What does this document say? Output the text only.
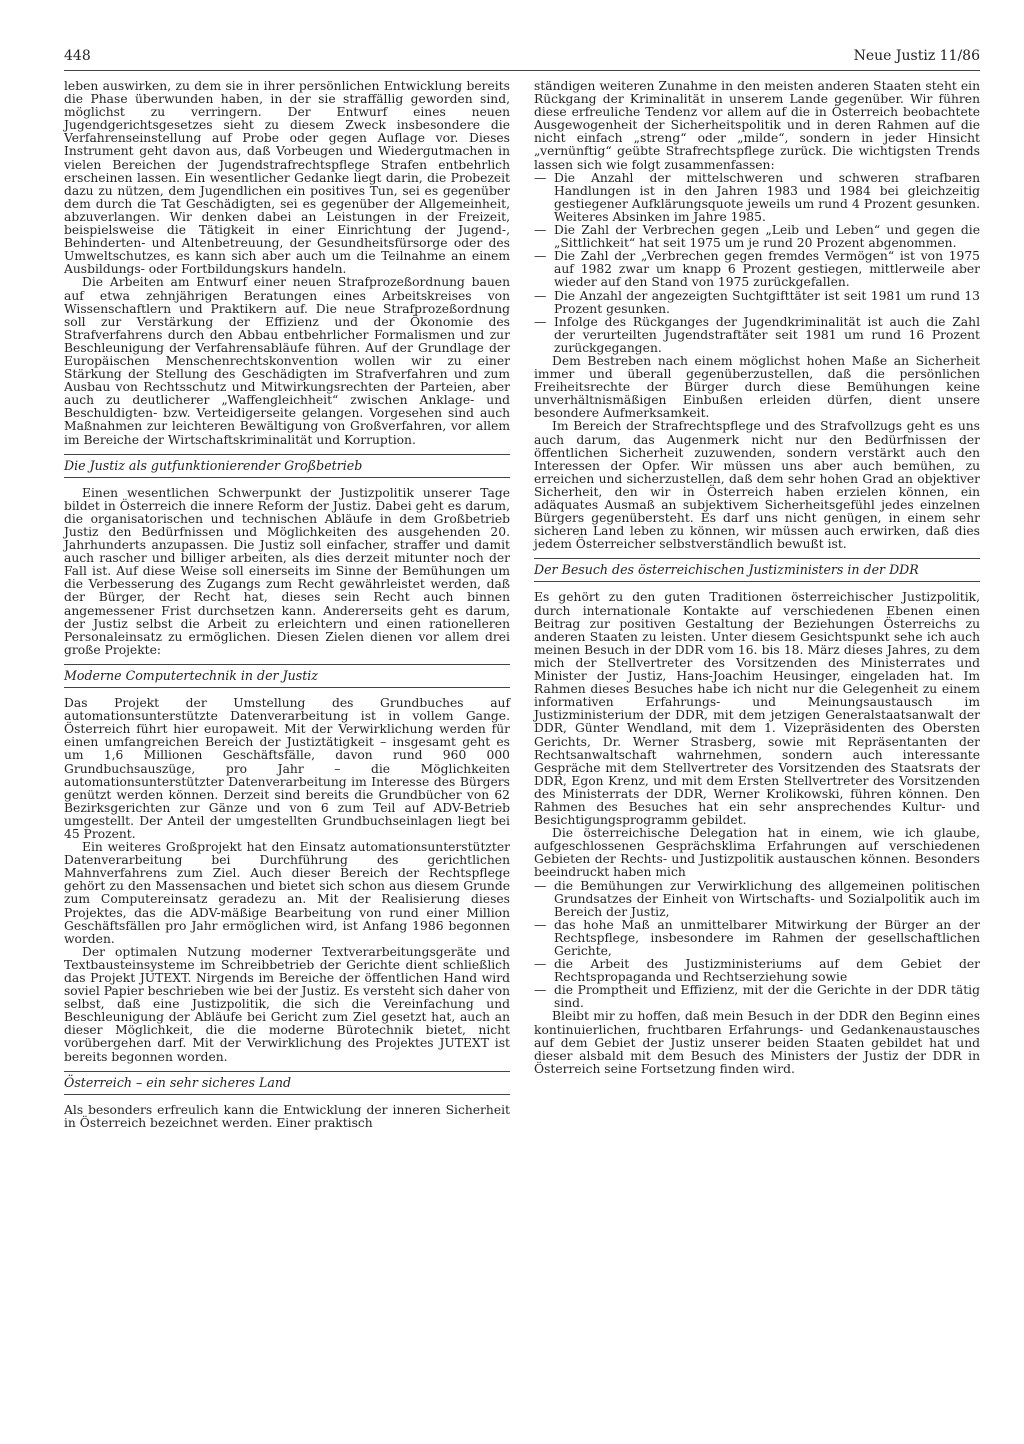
448	Neue Justiz 11/86

leben auswirken, zu dem sie in ihrer persönlichen Entwicklung bereits die Phase überwunden haben, in der sie straffällig geworden sind, möglichst zu verringern. Der Entwurf eines neuen Jugendgerichtsgesetzes sieht zu diesem Zweck insbesondere die Verfahrenseinstellung auf Probe oder gegen Auflage vor. Dieses Instrument geht davon aus, daß Vorbeugen und Wiedergutmachen in vielen Bereichen der Jugendstrafrechtspflege Strafen entbehrlich erscheinen lassen. Ein wesentlicher Gedanke liegt darin, die Probezeit dazu zu nützen, dem Jugendlichen ein positives Tun, sei es gegenüber dem durch die Tat Geschädigten, sei es gegenüber der Allgemeinheit, abzuverlangen. Wir denken dabei an Leistungen in der Freizeit, beispielsweise die Tätigkeit in einer Einrichtung der Jugend-, Behinderten- und Altenbetreuung, der Gesundheitsfürsorge oder des Umweltschutzes, es kann sich aber auch um die Teilnahme an einem Ausbildungs- oder Fortbildungskurs handeln.

Die Arbeiten am Entwurf einer neuen Strafprozeßordnung bauen auf etwa zehnjährigen Beratungen eines Arbeitskreises von Wissenschaftlern und Praktikern auf. Die neue Strafprozeßordnung soll zur Verstärkung der Effizienz und der Ökonomie des Strafverfahrens durch den Abbau entbehrlicher Formalismen und zur Beschleunigung der Verfahrensabläufe führen. Auf der Grundlage der Europäischen Menschenrechtskonvention wollen wir zu einer Stärkung der Stellung des Geschädigten im Strafverfahren und zum Ausbau von Rechtsschutz und Mitwirkungsrechten der Parteien, aber auch zu deutlicherer „Waffengleichheit“ zwischen Anklage- und Beschuldigten- bzw. Verteidigerseite gelangen. Vorgesehen sind auch Maßnahmen zur leichteren Bewältigung von Großverfahren, vor allem im Bereiche der Wirtschaftskriminalität und Korruption.

Die Justiz als gutfunktionierender Großbetrieb

Einen wesentlichen Schwerpunkt der Justizpolitik unserer Tage bildet in Österreich die innere Reform der Justiz. Dabei geht es darum, die organisatorischen und technischen Abläufe in dem Großbetrieb Justiz den Bedürfnissen und Möglichkeiten des ausgehenden 20. Jahrhunderts anzupassen. Die Justiz soll einfacher, straffer und damit auch rascher und billiger arbeiten, als dies derzeit mitunter noch der Fall ist. Auf diese Weise soll einerseits im Sinne der Bemühungen um die Verbesserung des Zugangs zum Recht gewährleistet werden, daß der Bürger, der Recht hat, dieses sein Recht auch binnen angemessener Frist durchsetzen kann. Andererseits geht es darum, der Justiz selbst die Arbeit zu erleichtern und einen rationelleren Personaleinsatz zu ermöglichen. Diesen Zielen dienen vor allem drei große Projekte:

Moderne Computertechnik in der Justiz

Das Projekt der Umstellung des Grundbuches auf automationsunterstützte Datenverarbeitung ist in vollem Gange. Österreich führt hier europaweit. Mit der Verwirklichung werden für einen umfangreichen Bereich der Justiztätigkeit – insgesamt geht es um 1,6 Millionen Geschäftsfälle, davon rund 960 000 Grundbuchsauszüge, pro Jahr – die Möglichkeiten automationsunterstützter Datenverarbeitung im Interesse des Bürgers genützt werden können. Derzeit sind bereits die Grundbücher von 62 Bezirksgerichten zur Gänze und von 6 zum Teil auf ADV-Betrieb umgestellt. Der Anteil der umgestellten Grundbuchseinlagen liegt bei 45 Prozent.

Ein weiteres Großprojekt hat den Einsatz automationsunterstützter Datenverarbeitung bei Durchführung des gerichtlichen Mahnverfahrens zum Ziel. Auch dieser Bereich der Rechtspflege gehört zu den Massensachen und bietet sich schon aus diesem Grunde zum Computereinsatz geradezu an. Mit der Realisierung dieses Projektes, das die ADV-mäßige Bearbeitung von rund einer Million Geschäftsfällen pro Jahr ermöglichen wird, ist Anfang 1986 begonnen worden.

Der optimalen Nutzung moderner Textverarbeitungsgeräte und Textbausteinsysteme im Schreibbetrieb der Gerichte dient schließlich das Projekt JUTEXT. Nirgends im Bereiche der öffentlichen Hand wird soviel Papier beschrieben wie bei der Justiz. Es versteht sich daher von selbst, daß eine Justizpolitik, die sich die Vereinfachung und Beschleunigung der Abläufe bei Gericht zum Ziel gesetzt hat, auch an dieser Möglichkeit, die die moderne Bürotechnik bietet, nicht vorübergehen darf. Mit der Verwirklichung des Projektes JUTEXT ist bereits begonnen worden.

Österreich – ein sehr sicheres Land

Als besonders erfreulich kann die Entwicklung der inneren Sicherheit in Österreich bezeichnet werden. Einer praktisch

ständigen weiteren Zunahme in den meisten anderen Staaten steht ein Rückgang der Kriminalität in unserem Lande gegenüber. Wir führen diese erfreuliche Tendenz vor allem auf die in Österreich beobachtete Ausgewogenheit der Sicherheitspolitik und in deren Rahmen auf die nicht einfach „streng“ oder „milde“, sondern in jeder Hinsicht „vernünftig“ geübte Strafrechtspflege zurück. Die wichtigsten Trends lassen sich wie folgt zusammenfassen:

— Die Anzahl der mittelschweren und schweren strafbaren Handlungen ist in den Jahren 1983 und 1984 bei gleichzeitig gestiegener Aufklärungsquote jeweils um rund 4 Prozent gesunken. Weiteres Absinken im Jahre 1985.
— Die Zahl der Verbrechen gegen „Leib und Leben“ und gegen die „Sittlichkeit“ hat seit 1975 um je rund 20 Prozent abgenommen.
— Die Zahl der „Verbrechen gegen fremdes Vermögen“ ist von 1975 auf 1982 zwar um knapp 6 Prozent gestiegen, mittlerweile aber wieder auf den Stand von 1975 zurückgefallen.
— Die Anzahl der angezeigten Suchtgifttäter ist seit 1981 um rund 13 Prozent gesunken.
— Infolge des Rückganges der Jugendkriminalität ist auch die Zahl der verurteilten Jugendstraftäter seit 1981 um rund 16 Prozent zurückgegangen.

Dem Bestreben nach einem möglichst hohen Maße an Sicherheit immer und überall gegenüberzustellen, daß die persönlichen Freiheitsrechte der Bürger durch diese Bemühungen keine unverhältnismäßigen Einbußen erleiden dürfen, dient unsere besondere Aufmerksamkeit.

Im Bereich der Strafrechtspflege und des Strafvollzugs geht es uns auch darum, das Augenmerk nicht nur den Bedürfnissen der öffentlichen Sicherheit zuzuwenden, sondern verstärkt auch den Interessen der Opfer. Wir müssen uns aber auch bemühen, zu erreichen und sicherzustellen, daß dem sehr hohen Grad an objektiver Sicherheit, den wir in Österreich haben erzielen können, ein adäquates Ausmaß an subjektivem Sicherheitsgefühl jedes einzelnen Bürgers gegenübersteht. Es darf uns nicht genügen, in einem sehr sicheren Land leben zu können, wir müssen auch erwirken, daß dies jedem Österreicher selbstverständlich bewußt ist.

Der Besuch des österreichischen Justizministers in der DDR

Es gehört zu den guten Traditionen österreichischer Justizpolitik, durch internationale Kontakte auf verschiedenen Ebenen einen Beitrag zur positiven Gestaltung der Beziehungen Österreichs zu anderen Staaten zu leisten. Unter diesem Gesichtspunkt sehe ich auch meinen Besuch in der DDR vom 16. bis 18. März dieses Jahres, zu dem mich der Stellvertreter des Vorsitzenden des Ministerrates und Minister der Justiz, Hans-Joachim Heusinger, eingeladen hat. Im Rahmen dieses Besuches habe ich nicht nur die Gelegenheit zu einem informativen Erfahrungs- und Meinungsaustausch im Justizministerium der DDR, mit dem jetzigen Generalstaatsanwalt der DDR, Günter Wendland, mit dem 1. Vizepräsidenten des Obersten Gerichts, Dr. Werner Strasberg, sowie mit Repräsentanten der Rechtsanwaltschaft wahrnehmen, sondern auch interessante Gespräche mit dem Stellvertreter des Vorsitzenden des Staatsrats der DDR, Egon Krenz, und mit dem Ersten Stellvertreter des Vorsitzenden des Ministerrats der DDR, Werner Krolikowski, führen können. Den Rahmen des Besuches hat ein sehr ansprechendes Kultur- und Besichtigungsprogramm gebildet.

Die österreichische Delegation hat in einem, wie ich glaube, aufgeschlossenen Gesprächsklima Erfahrungen auf verschiedenen Gebieten der Rechts- und Justizpolitik austauschen können. Besonders beeindruckt haben mich

— die Bemühungen zur Verwirklichung des allgemeinen politischen Grundsatzes der Einheit von Wirtschafts- und Sozialpolitik auch im Bereich der Justiz,
— das hohe Maß an unmittelbarer Mitwirkung der Bürger an der Rechtspflege, insbesondere im Rahmen der gesellschaftlichen Gerichte,
— die Arbeit des Justizministeriums auf dem Gebiet der Rechtspropaganda und Rechtserziehung sowie
— die Promptheit und Effizienz, mit der die Gerichte in der DDR tätig sind.

Bleibt mir zu hoffen, daß mein Besuch in der DDR den Beginn eines kontinuierlichen, fruchtbaren Erfahrungs- und Gedankenaustausches auf dem Gebiet der Justiz unserer beiden Staaten gebildet hat und dieser alsbald mit dem Besuch des Ministers der Justiz der DDR in Österreich seine Fortsetzung finden wird.
